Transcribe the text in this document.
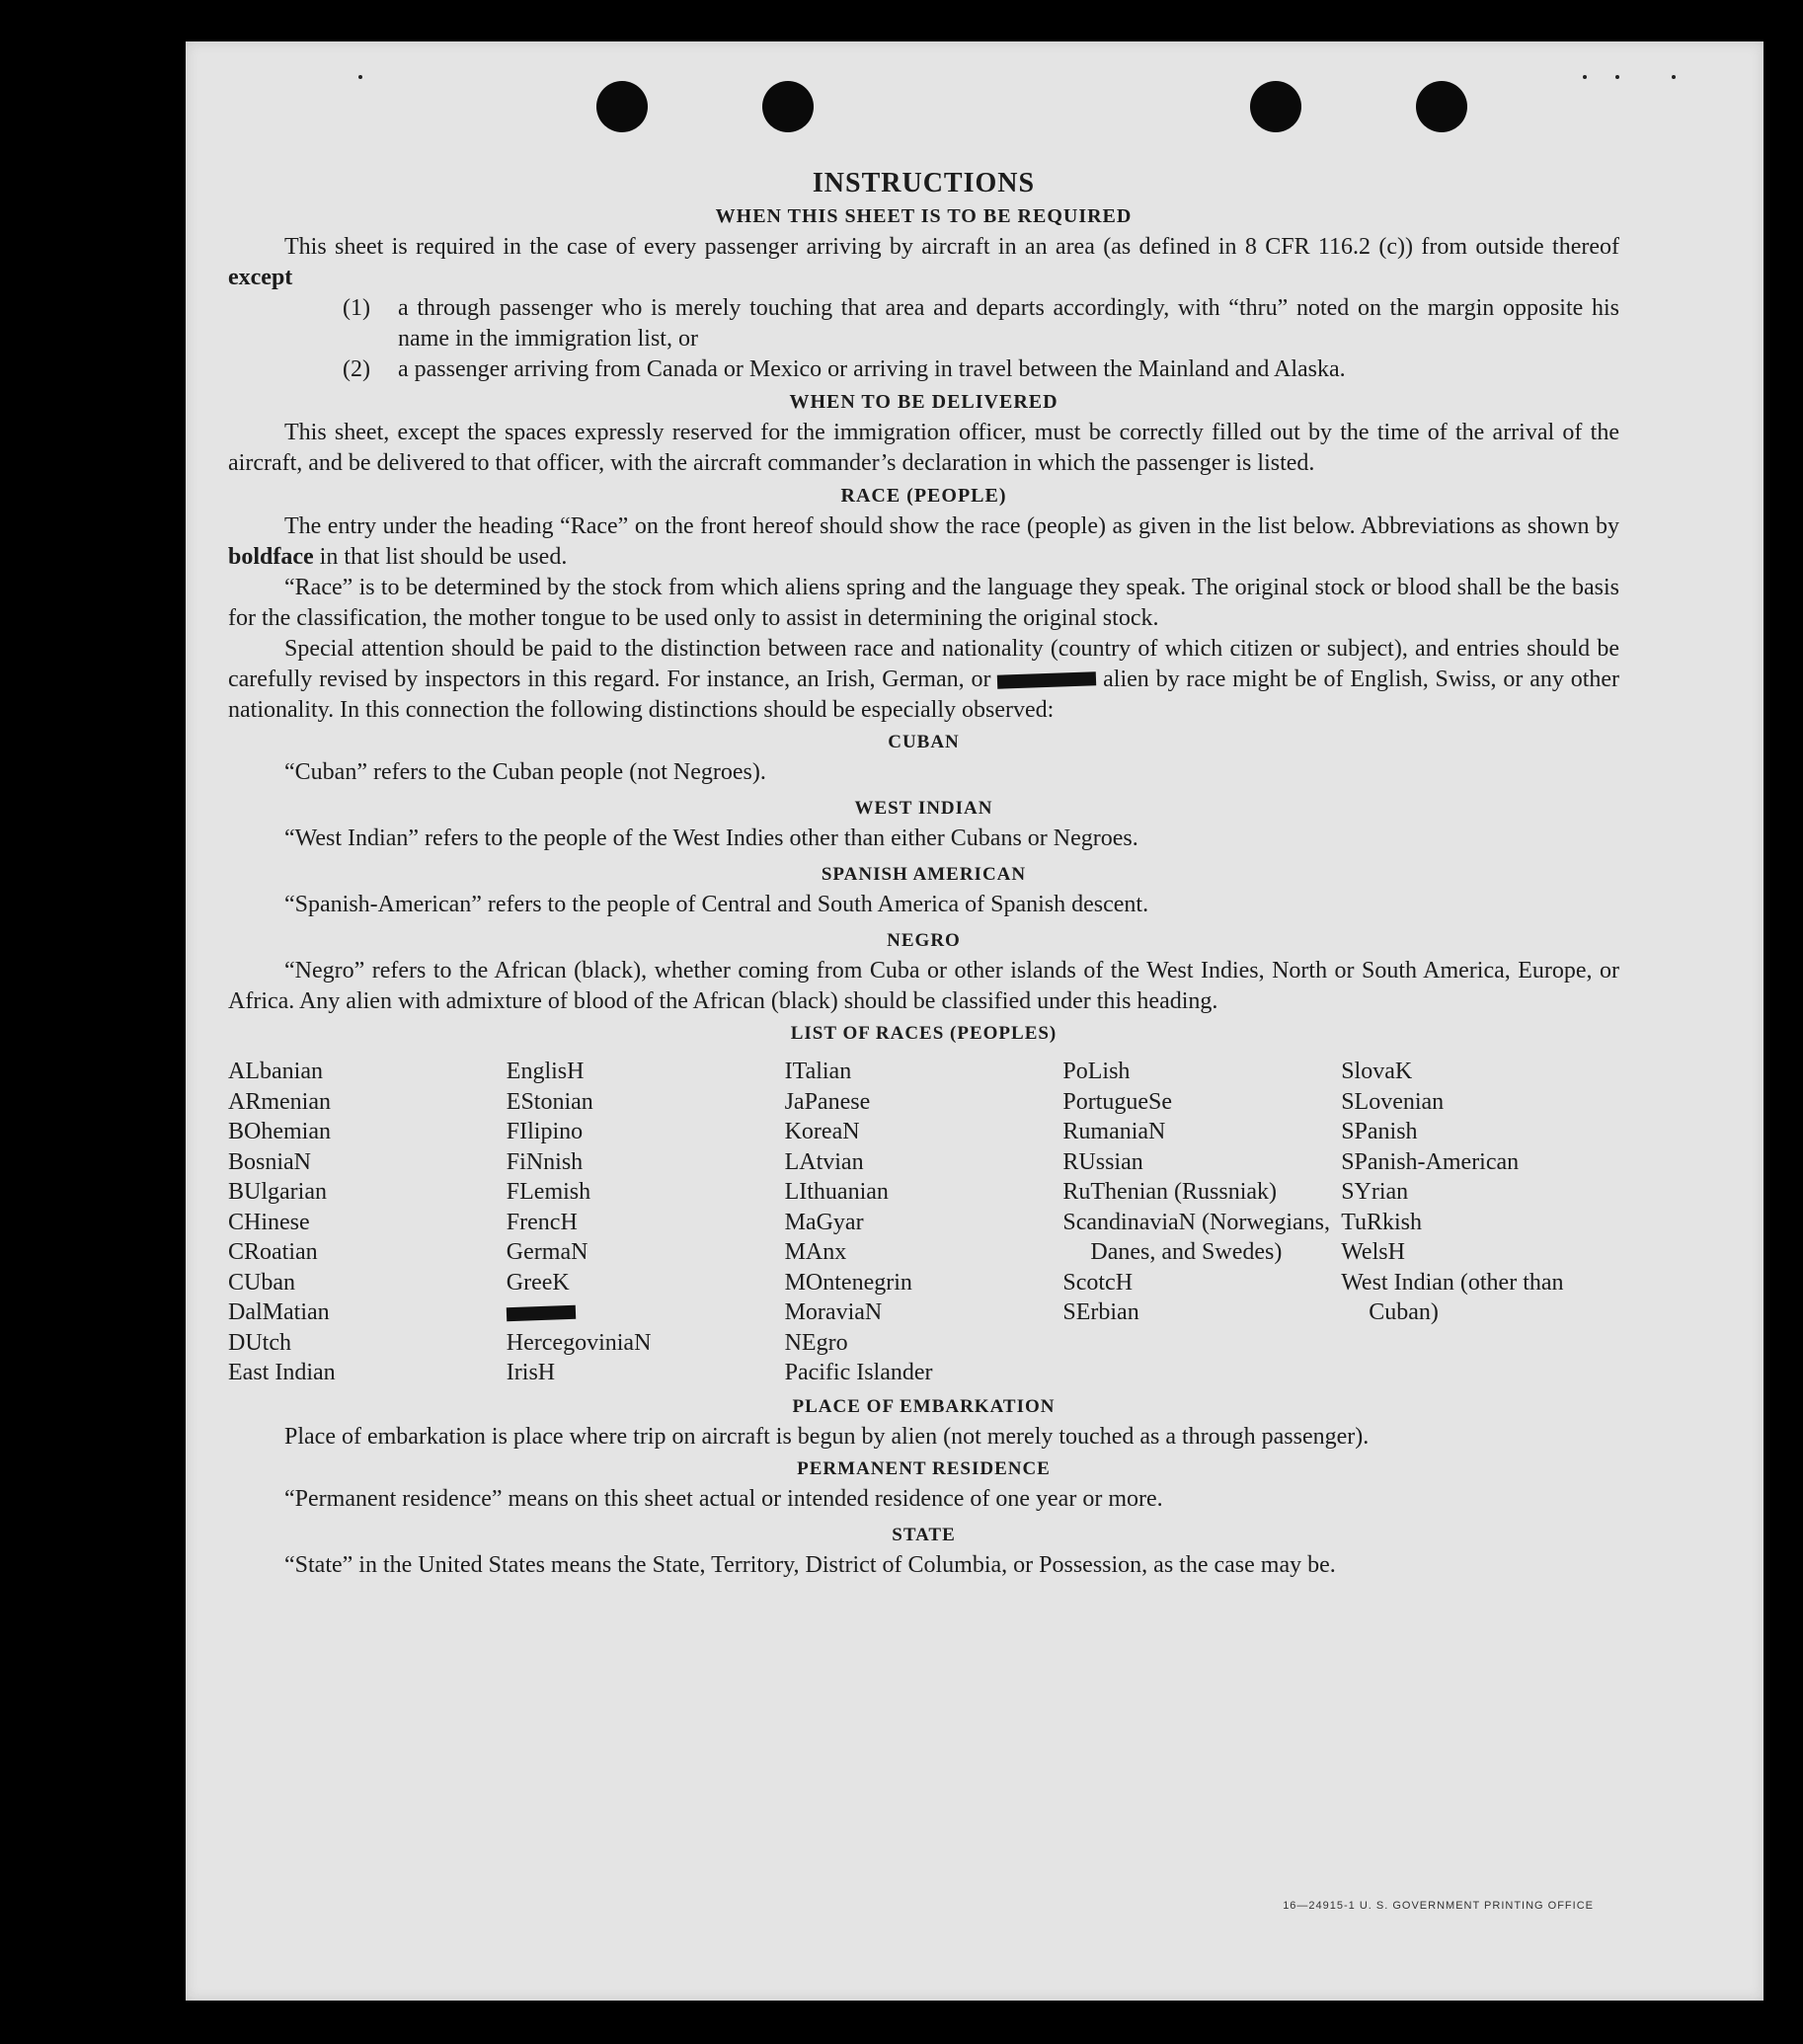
INSTRUCTIONS
WHEN THIS SHEET IS TO BE REQUIRED

This sheet is required in the case of every passenger arriving by aircraft in an area (as defined in 8 CFR 116.2 (c)) from outside thereof except

(1) a through passenger who is merely touching that area and departs accordingly, with “thru” noted on the margin opposite his name in the immigration list, or
(2) a passenger arriving from Canada or Mexico or arriving in travel between the Mainland and Alaska.
WHEN TO BE DELIVERED

This sheet, except the spaces expressly reserved for the immigration officer, must be correctly filled out by the time of the arrival of the aircraft, and be delivered to that officer, with the aircraft commander’s declaration in which the passenger is listed.

RACE (PEOPLE)

The entry under the heading “Race” on the front hereof should show the race (people) as given in the list below. Abbreviations as shown by boldface in that list should be used.

“Race” is to be determined by the stock from which aliens spring and the language they speak. The original stock or blood shall be the basis for the classification, the mother tongue to be used only to assist in determining the original stock.

Special attention should be paid to the distinction between race and nationality (country of which citizen or subject), and entries should be carefully revised by inspectors in this regard. For instance, an Irish, German, or	alien by race might be of English, Swiss, or any other nationality. In this connection the following distinctions should be especially observed:

CUBAN

“Cuban” refers to the Cuban people (not Negroes).

WEST INDIAN

“West Indian” refers to the people of the West Indies other than either Cubans or Negroes.

SPANISH AMERICAN

“Spanish-American” refers to the people of Central and South America of Spanish descent.

NEGRO

“Negro” refers to the African (black), whether coming from Cuba or other islands of the West Indies, North or South America, Europe, or Africa. Any alien with admixture of blood of the African (black) should be classified under this heading.

LIST OF RACES (PEOPLES)
ALbanian
ARmenian
BOhemian
BosniaN
BUlgarian
CHinese
CRoatian
CUban
DalMatian
DUtch
East Indian
EnglisH
EStonian
FIlipino
FiNnish
FLemish
FrencH
GermaN
GreeK
HercegoviniaN
IrisH
ITalian
JaPanese
KoreaN
LAtvian
LIthuanian
MaGyar
MAnx
MOntenegrin
MoraviaN
NEgro
Pacific Islander
PoLish
PortugueSe
RumaniaN
RUssian
RuThenian (Russniak)
ScandinaviaN (Norwegians, Danes, and Swedes)
ScotcH
SErbian
SlovaK
SLovenian
SPanish
SPanish-American
SYrian
TuRkish
WelsH
West Indian (other than Cuban)
PLACE OF EMBARKATION

Place of embarkation is place where trip on aircraft is begun by alien (not merely touched as a through passenger).

PERMANENT RESIDENCE

“Permanent residence” means on this sheet actual or intended residence of one year or more.

STATE

“State” in the United States means the State, Territory, District of Columbia, or Possession, as the case may be.

16—24915-1 U. S. GOVERNMENT PRINTING OFFICE
